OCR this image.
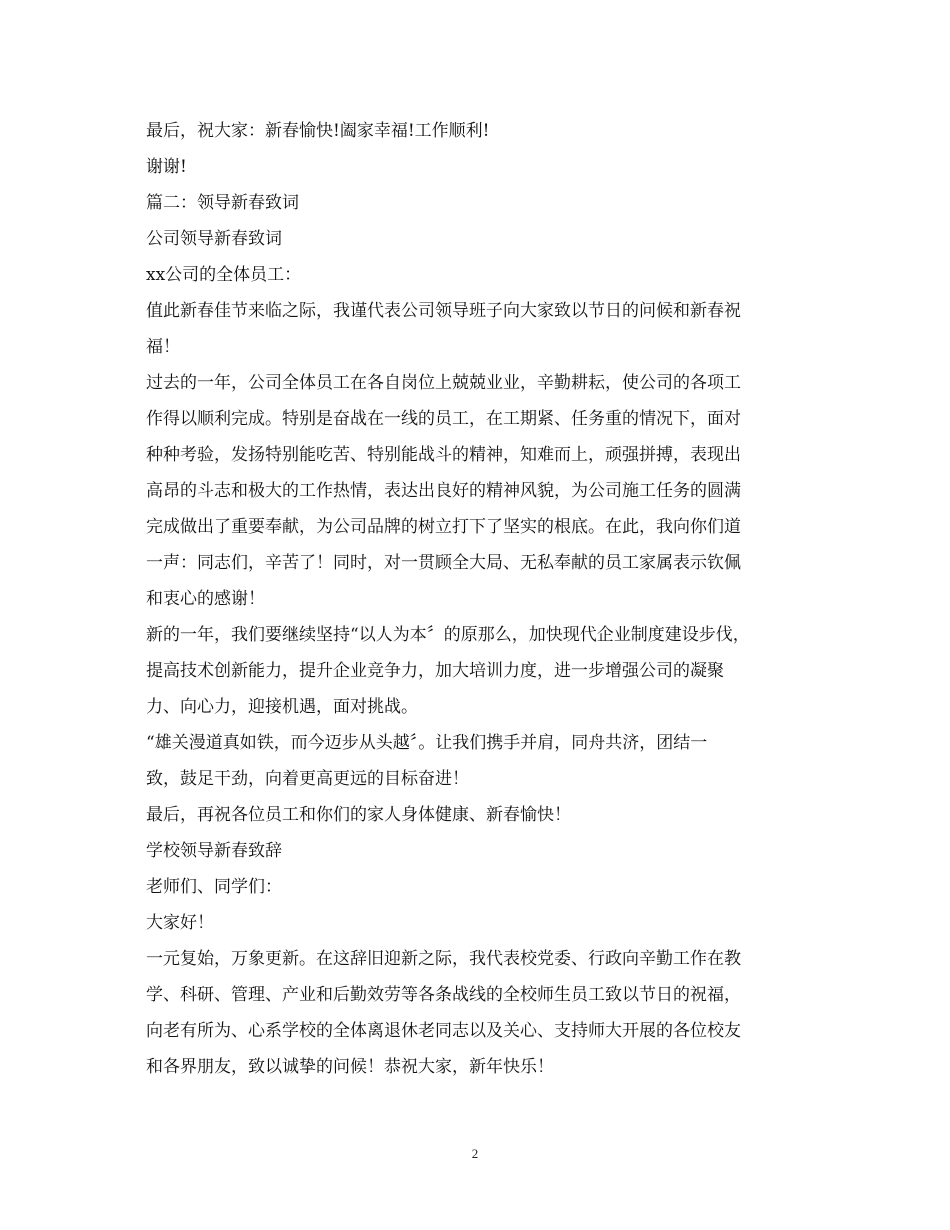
最后，祝大家：新春愉快!阖家幸福!工作顺利!

谢谢!

篇二：领导新春致词

公司领导新春致词

xx公司的全体员工：

值此新春佳节来临之际，我谨代表公司领导班子向大家致以节日的问候和新春祝

福！

过去的一年，公司全体员工在各自岗位上兢兢业业，辛勤耕耘，使公司的各项工

作得以顺利完成。特别是奋战在一线的员工，在工期紧、任务重的情况下，面对

种种考验，发扬特别能吃苦、特别能战斗的精神，知难而上，顽强拼搏，表现出

高昂的斗志和极大的工作热情，表达出良好的精神风貌，为公司施工任务的圆满

完成做出了重要奉献，为公司品牌的树立打下了坚实的根底。在此，我向你们道

一声：同志们，辛苦了！同时，对一贯顾全大局、无私奉献的员工家属表示钦佩

和衷心的感谢！

新的一年，我们要继续坚持“以人为本〞的原那么，加快现代企业制度建设步伐，

提高技术创新能力，提升企业竞争力，加大培训力度，进一步增强公司的凝聚

力、向心力，迎接机遇，面对挑战。

“雄关漫道真如铁，而今迈步从头越〞。让我们携手并肩，同舟共济，团结一

致，鼓足干劲，向着更高更远的目标奋进！

最后，再祝各位员工和你们的家人身体健康、新春愉快！

学校领导新春致辞

老师们、同学们：

大家好！

一元复始，万象更新。在这辞旧迎新之际，我代表校党委、行政向辛勤工作在教

学、科研、管理、产业和后勤效劳等各条战线的全校师生员工致以节日的祝福，

向老有所为、心系学校的全体离退休老同志以及关心、支持师大开展的各位校友

和各界朋友，致以诚挚的问候！恭祝大家，新年快乐！

2
